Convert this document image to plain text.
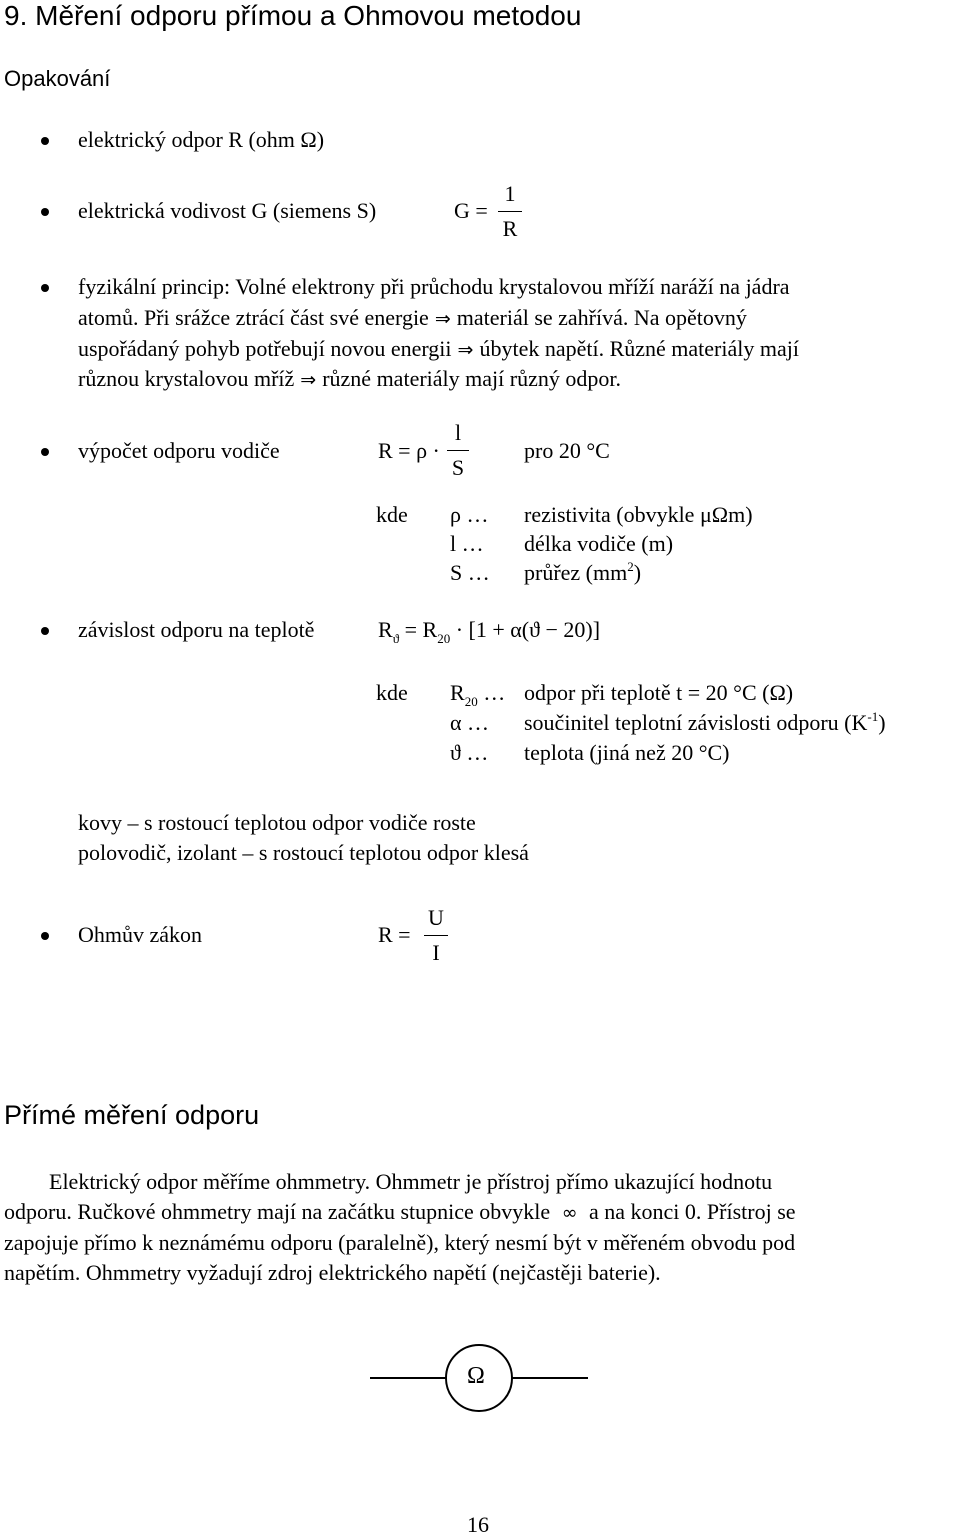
9. Měření odporu přímou a Ohmovou metodou
Opakování
elektrický odpor R (ohm Ω)
elektrická vodivost G (siemens S)	G =
1
R
fyzikální princip: Volné elektrony při průchodu krystalovou mříží naráží na jádra
atomů. Při srážce ztrácí část své energie ⇒ materiál se zahřívá. Na opětovný
uspořádaný pohyb potřebují novou energii ⇒ úbytek napětí. Různé materiály mají
různou krystalovou mříž ⇒ různé materiály mají různý odpor.
výpočet odporu vodiče	R = ρ ·
l
S
pro 20 °C
kde ρ … rezistivita (obvykle μΩm)
l … délka vodiče (m)
S … průřez $(mm^2)$
závislost odporu na teplotě	$R_ϑ = R_{20} \cdot [1 + \alpha(ϑ - 20)]$
kde $R_{20}$ … odpor při teplotě t = 20 °C (Ω)
α … součinitel teplotní závislosti odporu $(K^{-1})$
ϑ … teplota (jiná než 20 °C)
kovy – s rostoucí teplotou odpor vodiče roste
polovodič, izolant – s rostoucí teplotou odpor klesá
Ohmův zákon	R =
U
I
Přímé měření odporu

Elektrický odpor měříme ohmmetry. Ohmmetr je přístroj přímo ukazující hodnotu

odporu. Ručkové ohmmetry mají na začátku stupnice obvykle ∞ a na konci 0. Přístroj se

zapojuje přímo k neznámému odporu (paralelně), který nesmí být v měřeném obvodu pod

napětím. Ohmmetry vyžadují zdroj elektrického napětí (nejčastěji baterie).

Ω
16
